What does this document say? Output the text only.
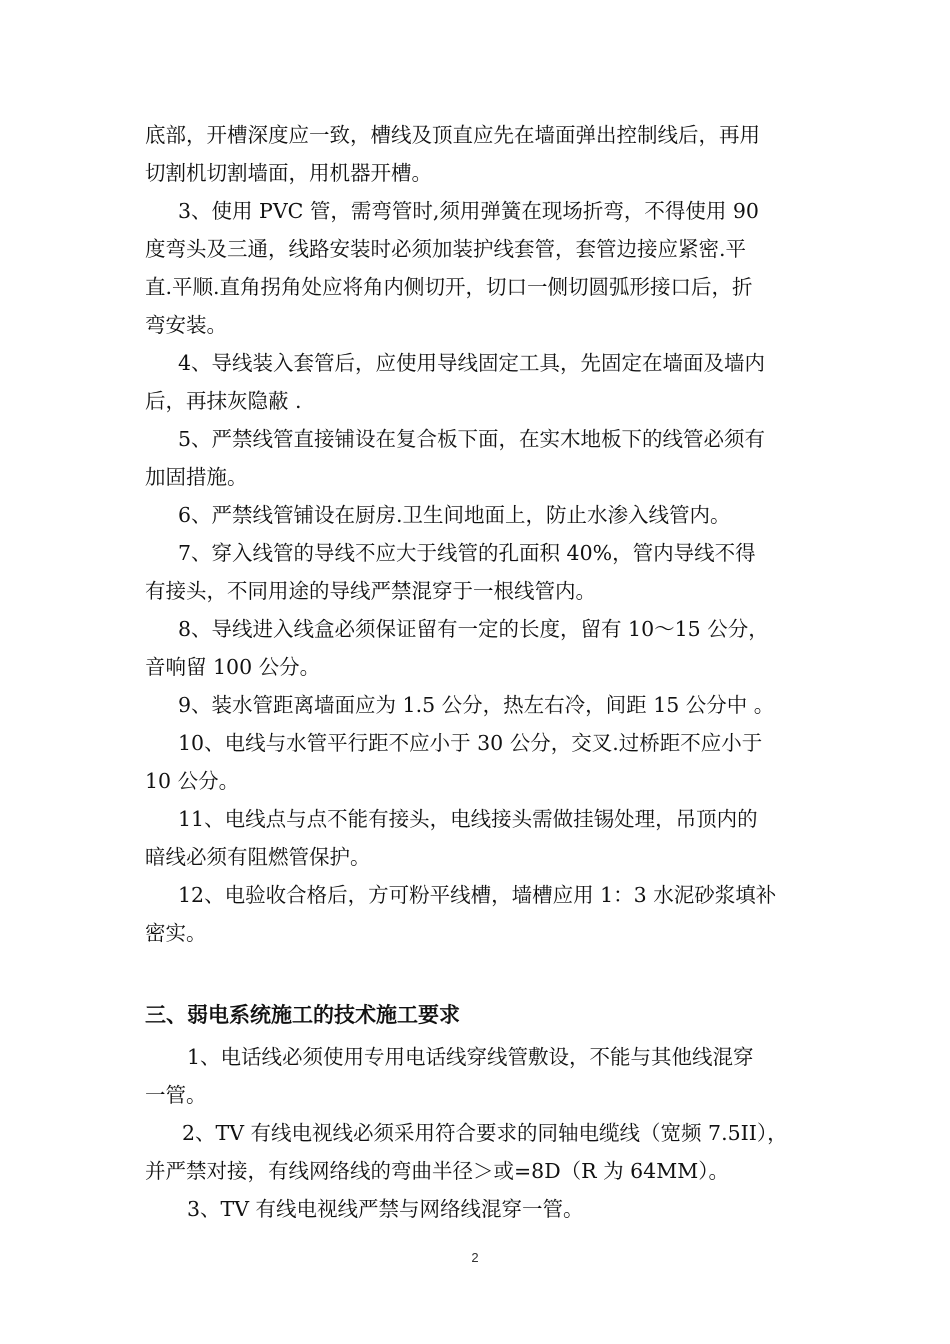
底部，开槽深度应一致，槽线及顶直应先在墙面弹出控制线后，再用
切割机切割墙面，用机器开槽。
3、使用 PVC 管，需弯管时,须用弹簧在现场折弯，不得使用 90
度弯头及三通，线路安装时必须加装护线套管，套管边接应紧密.平
直.平顺.直角拐角处应将角内侧切开，切口一侧切圆弧形接口后，折
弯安装。
4、导线装入套管后，应使用导线固定工具，先固定在墙面及墙内
后，再抹灰隐蔽 .
5、严禁线管直接铺设在复合板下面，在实木地板下的线管必须有
加固措施。
6、严禁线管铺设在厨房.卫生间地面上，防止水渗入线管内。
7、穿入线管的导线不应大于线管的孔面积 40%，管内导线不得
有接头，不同用途的导线严禁混穿于一根线管内。
8、导线进入线盒必须保证留有一定的长度，留有 10～15 公分，
音响留 100 公分。
9、装水管距离墙面应为 1.5 公分，热左右冷，间距 15 公分中 。
10、电线与水管平行距不应小于 30 公分，交叉.过桥距不应小于
10 公分。
11、电线点与点不能有接头，电线接头需做挂锡处理，吊顶内的
暗线必须有阻燃管保护。
12、电验收合格后，方可粉平线槽，墙槽应用 1：3 水泥砂浆填补
密实。
三、弱电系统施工的技术施工要求
1、电话线必须使用专用电话线穿线管敷设，不能与其他线混穿
一管。
2、TV 有线电视线必须采用符合要求的同轴电缆线（宽频 7.5II），
并严禁对接，有线网络线的弯曲半径＞或=8D（R 为 64MM）。
3、TV 有线电视线严禁与网络线混穿一管。
2
